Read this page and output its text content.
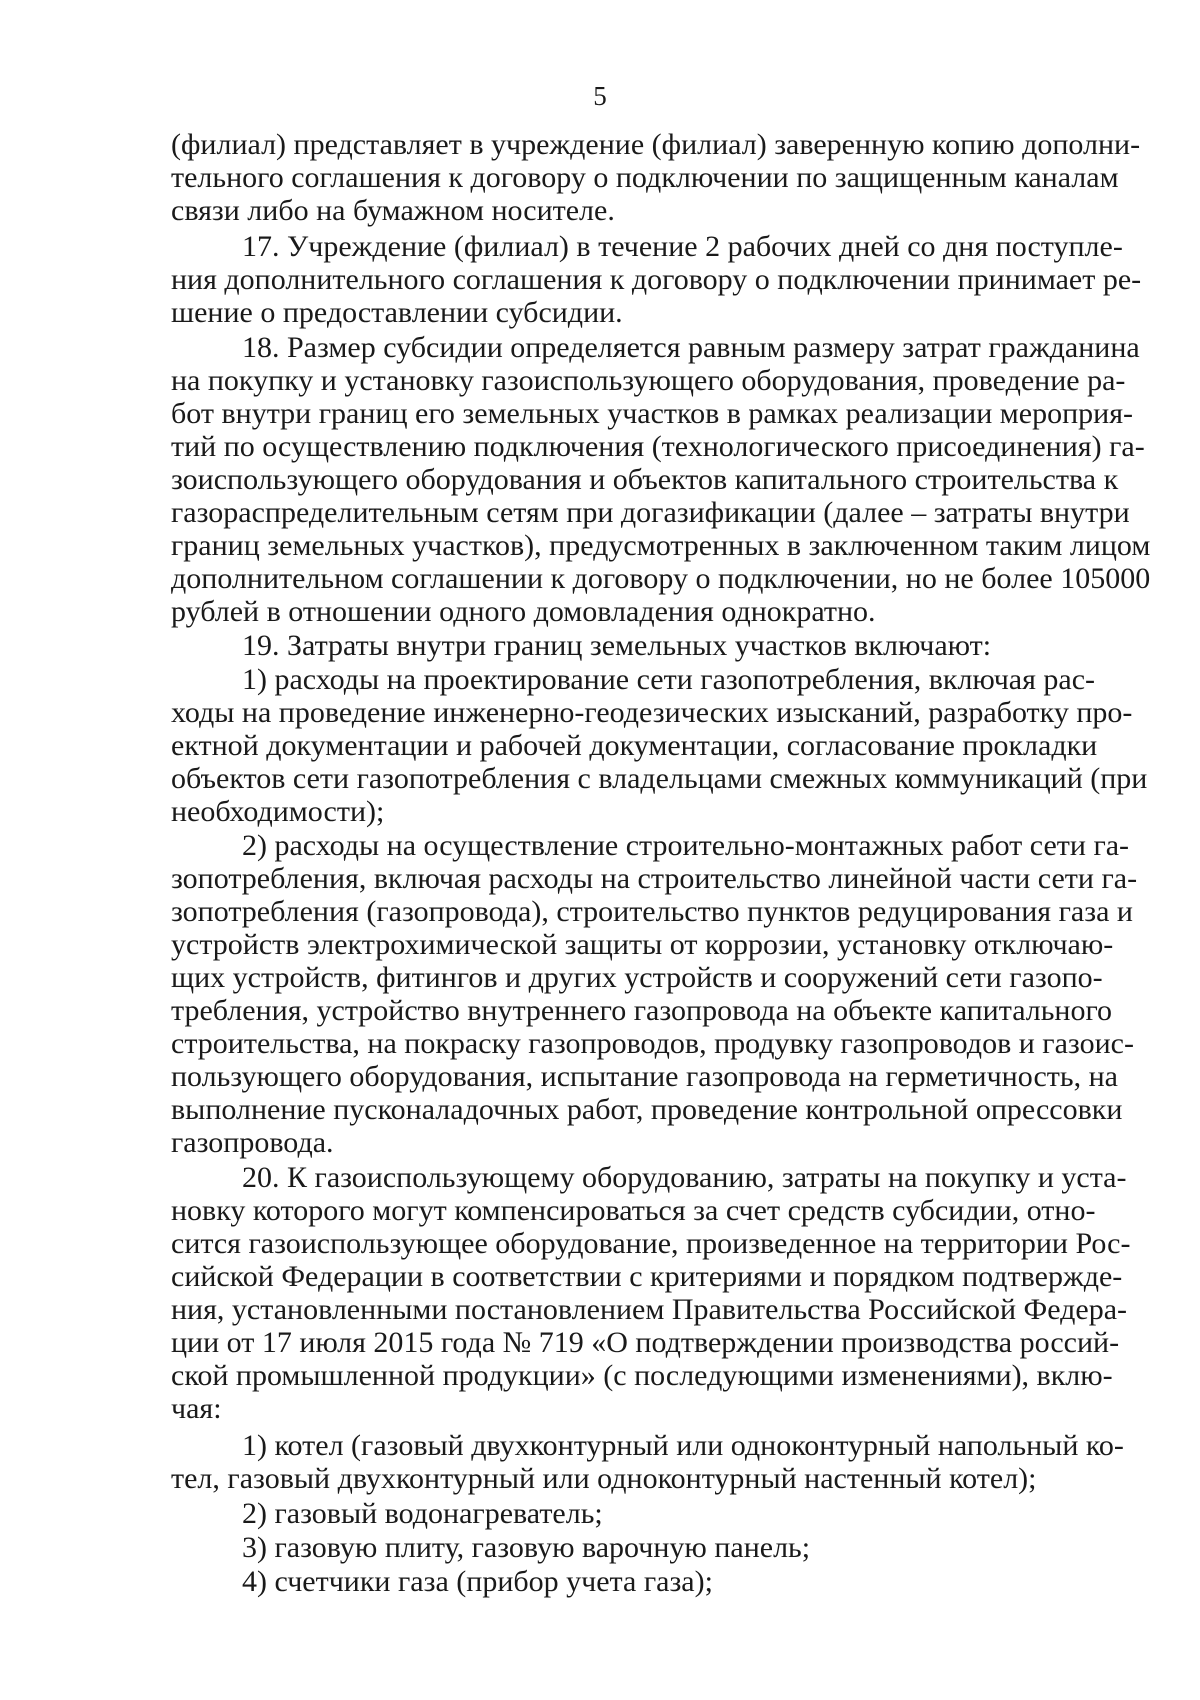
5
(филиал) представляет в учреждение (филиал) заверенную копию дополни-
тельного соглашения к договору о подключении по защищенным каналам
связи либо на бумажном носителе.
17. Учреждение (филиал) в течение 2 рабочих дней со дня поступле-
ния дополнительного соглашения к договору о подключении принимает ре-
шение о предоставлении субсидии.
18. Размер субсидии определяется равным размеру затрат гражданина
на покупку и установку газоиспользующего оборудования, проведение ра-
бот внутри границ его земельных участков в рамках реализации мероприя-
тий по осуществлению подключения (технологического присоединения) га-
зоиспользующего оборудования и объектов капитального строительства к
газораспределительным сетям при догазификации (далее – затраты внутри
границ земельных участков), предусмотренных в заключенном таким лицом
дополнительном соглашении к договору о подключении, но не более 105000
рублей в отношении одного домовладения однократно.
19. Затраты внутри границ земельных участков включают:
1) расходы на проектирование сети газопотребления, включая рас-
ходы на проведение инженерно-геодезических изысканий, разработку про-
ектной документации и рабочей документации, согласование прокладки
объектов сети газопотребления с владельцами смежных коммуникаций (при
необходимости);
2) расходы на осуществление строительно-монтажных работ сети га-
зопотребления, включая расходы на строительство линейной части сети га-
зопотребления (газопровода), строительство пунктов редуцирования газа и
устройств электрохимической защиты от коррозии, установку отключаю-
щих устройств, фитингов и других устройств и сооружений сети газопо-
требления, устройство внутреннего газопровода на объекте капитального
строительства, на покраску газопроводов, продувку газопроводов и газоис-
пользующего оборудования, испытание газопровода на герметичность, на
выполнение пусконаладочных работ, проведение контрольной опрессовки
газопровода.
20. К газоиспользующему оборудованию, затраты на покупку и уста-
новку которого могут компенсироваться за счет средств субсидии, отно-
сится газоиспользующее оборудование, произведенное на территории Рос-
сийской Федерации в соответствии с критериями и порядком подтвержде-
ния, установленными постановлением Правительства Российской Федера-
ции от 17 июля 2015 года № 719 «О подтверждении производства россий-
ской промышленной продукции» (с последующими изменениями), вклю-
чая:
1) котел (газовый двухконтурный или одноконтурный напольный ко-
тел, газовый двухконтурный или одноконтурный настенный котел);
2) газовый водонагреватель;
3) газовую плиту, газовую варочную панель;
4) счетчики газа (прибор учета газа);
